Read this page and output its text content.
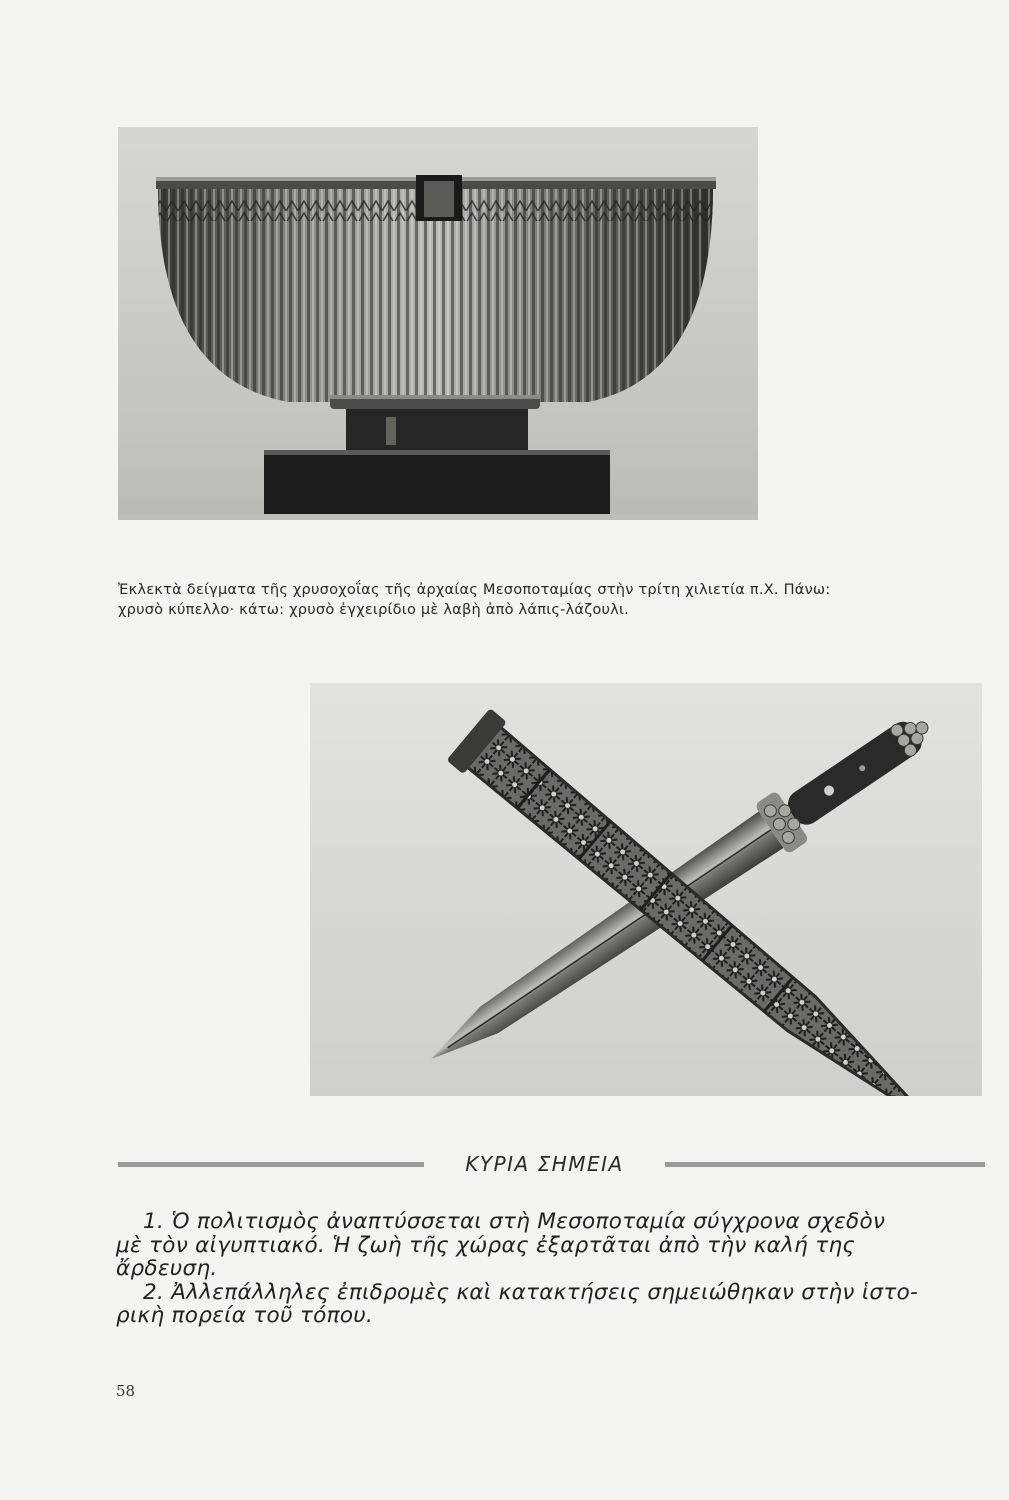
Ἐκλεκτὰ δείγματα τῆς χρυσοχοΐας τῆς ἀρχαίας Μεσοποταμίας στὴν τρίτη χιλιετία π.Χ. Πάνω:
χρυσὸ κύπελλο· κάτω: χρυσὸ ἐγχειρίδιο μὲ λαβὴ ἀπὸ λάπις-λάζουλι.
ΚΥΡΙΑ ΣΗΜΕΙΑ
1. Ὁ πολιτισμὸς ἀναπτύσσεται στὴ Μεσοποταμία σύγχρονα σχεδὸν
μὲ τὸν αἰγυπτιακό. Ἡ ζωὴ τῆς χώρας ἐξαρτᾶται ἀπὸ τὴν καλή της
ἄρδευση.
2. Ἀλλεπάλληλες ἐπιδρομὲς καὶ κατακτήσεις σημειώθηκαν στὴν ἱστο-
ρικὴ πορεία τοῦ τόπου.
58
